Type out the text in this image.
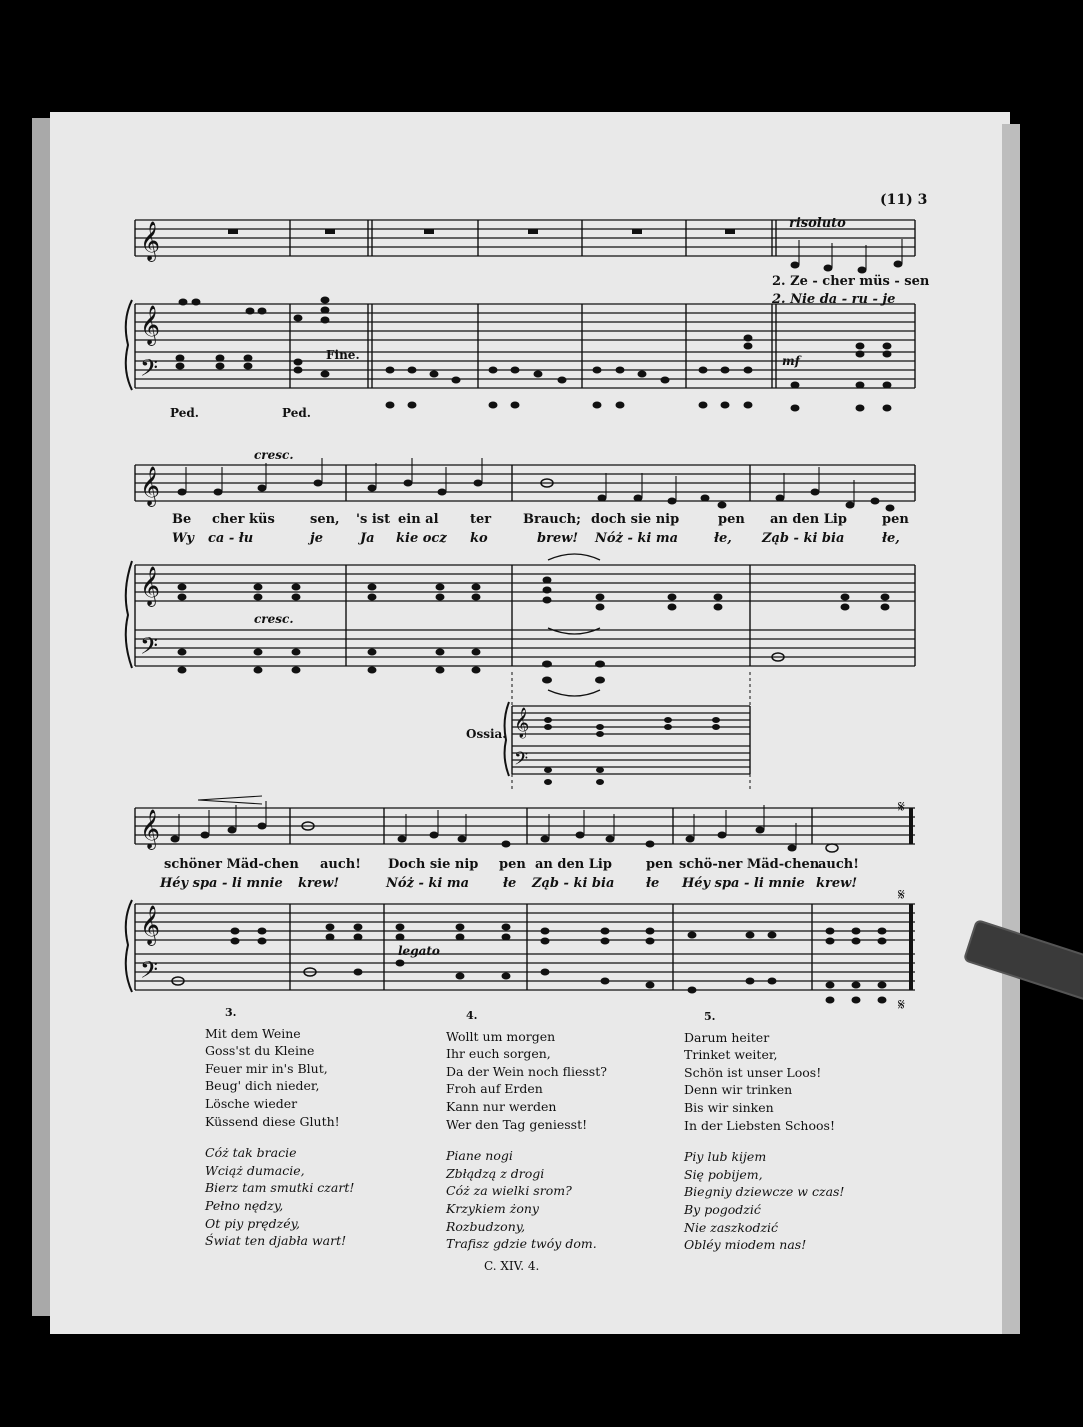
(11) 3
𝄞
𝄞
𝄢
𝄞
𝄞
𝄢
𝄞
𝄢
𝄞
𝄞
𝄢
𝄋
𝄋
𝄋
risoluto
Fine.
cresc.
cresc.
mf
legato
Ossia.
Ped.	Ped.
2. Ze - cher müs - sen
2. Nie da - ru - je
Be cher küs	sen, 's ist ein al ter Brauch; doch sie nip	pen an den Lip	pen
Wy ca - łu	je	Ja kie ocz ko	brew! Nóż - ki ma	łe, Ząb - ki bia	łe,
schöner Mäd-chen auch! Doch sie nip pen an den Lip	pen schö-ner Mäd-chen
auch!
Héy spa - li mnie krew!	Nóż - ki ma	łe Ząb - ki bia łe Héy spa - li mnie krew!
3.
Mit dem Weine
Goss'st du Kleine
Feuer mir in's Blut,
Beug' dich nieder,
Lösche wieder
Küssend diese Gluth!
Cóż tak bracie
Wciąż dumacie,
Bierz tam smutki czart!
Pełno nędzy,
Ot piy prędzéy,
Świat ten djabła wart!
4.
Wollt um morgen
Ihr euch sorgen,
Da der Wein noch fliesst?
Froh auf Erden
Kann nur werden
Wer den Tag geniesst!
Piane nogi
Zbłądzą z drogi
Cóż za wielki srom?
Krzykiem żony
Rozbudzony,
Trafisz gdzie twóy dom.
5.
Darum heiter
Trinket weiter,
Schön ist unser Loos!
Denn wir trinken
Bis wir sinken
In der Liebsten Schoos!
Piy lub kijem
Się pobijem,
Biegniy dziewcze w czas!
By pogodzić
Nie zaszkodzić
Obléy miodem nas!
C. XIV. 4.
